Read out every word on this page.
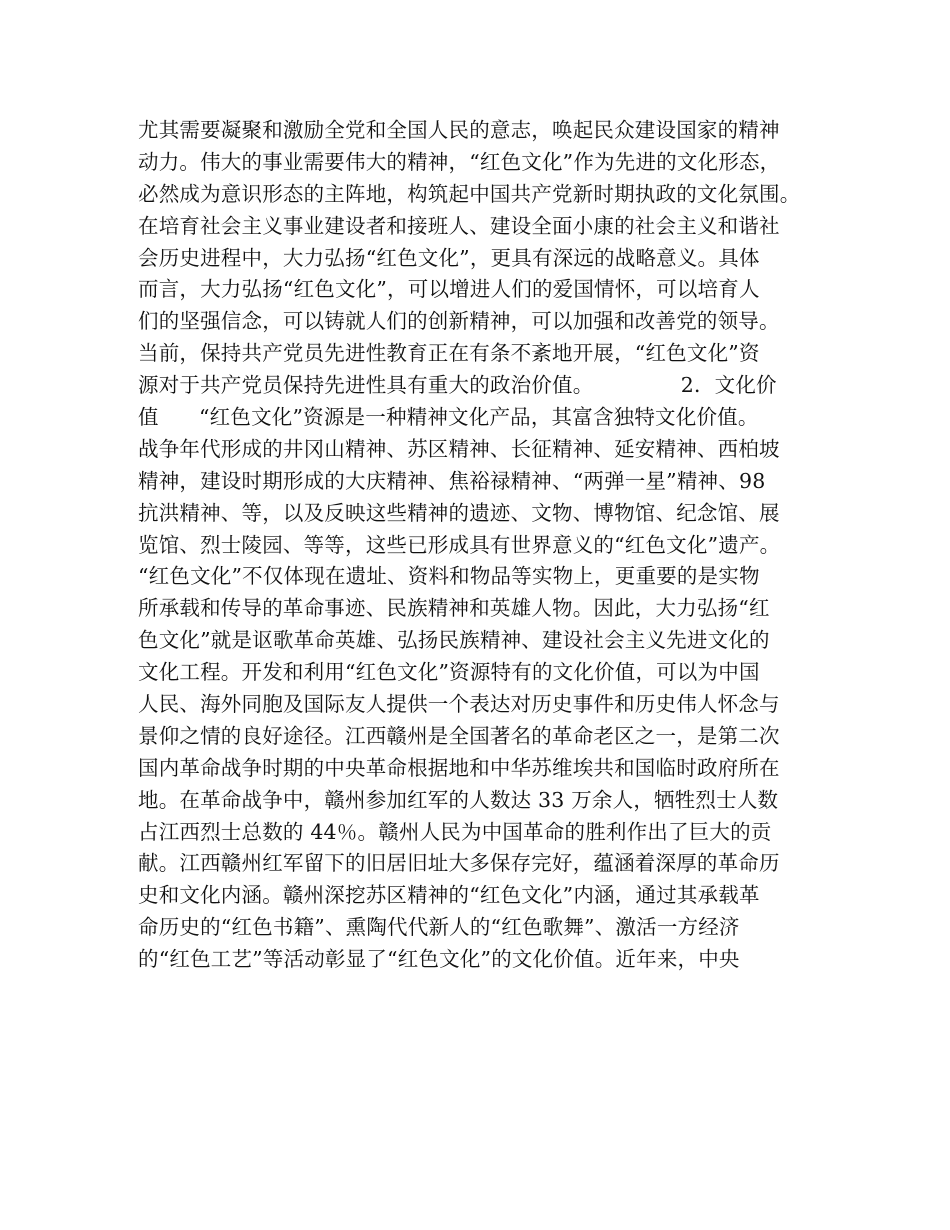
尤其需要凝聚和激励全党和全国人民的意志，唤起民众建设国家的精神
动力。伟大的事业需要伟大的精神，“红色文化”作为先进的文化形态，
必然成为意识形态的主阵地，构筑起中国共产党新时期执政的文化氛围。
在培育社会主义事业建设者和接班人、建设全面小康的社会主义和谐社
会历史进程中，大力弘扬“红色文化”，更具有深远的战略意义。具体
而言，大力弘扬“红色文化”，可以增进人们的爱国情怀，可以培育人
们的坚强信念，可以铸就人们的创新精神，可以加强和改善党的领导。
当前，保持共产党员先进性教育正在有条不紊地开展，“红色文化”资
源对于共产党员保持先进性具有重大的政治价值。             2．文化价
值      “红色文化”资源是一种精神文化产品，其富含独特文化价值。
战争年代形成的井冈山精神、苏区精神、长征精神、延安精神、西柏坡
精神，建设时期形成的大庆精神、焦裕禄精神、“两弹一星”精神、98
抗洪精神、等，以及反映这些精神的遗迹、文物、博物馆、纪念馆、展
览馆、烈士陵园、等等，这些已形成具有世界意义的“红色文化”遗产。
“红色文化”不仅体现在遗址、资料和物品等实物上，更重要的是实物
所承载和传导的革命事迹、民族精神和英雄人物。因此，大力弘扬“红
色文化”就是讴歌革命英雄、弘扬民族精神、建设社会主义先进文化的
文化工程。开发和利用“红色文化”资源特有的文化价值，可以为中国
人民、海外同胞及国际友人提供一个表达对历史事件和历史伟人怀念与
景仰之情的良好途径。江西赣州是全国著名的革命老区之一，是第二次
国内革命战争时期的中央革命根据地和中华苏维埃共和国临时政府所在
地。在革命战争中，赣州参加红军的人数达 33 万余人，牺牲烈士人数
占江西烈士总数的 44％。赣州人民为中国革命的胜利作出了巨大的贡
献。江西赣州红军留下的旧居旧址大多保存完好，蕴涵着深厚的革命历
史和文化内涵。赣州深挖苏区精神的“红色文化”内涵，通过其承载革
命历史的“红色书籍”、熏陶代代新人的“红色歌舞”、激活一方经济
的“红色工艺”等活动彰显了“红色文化”的文化价值。近年来，中央
